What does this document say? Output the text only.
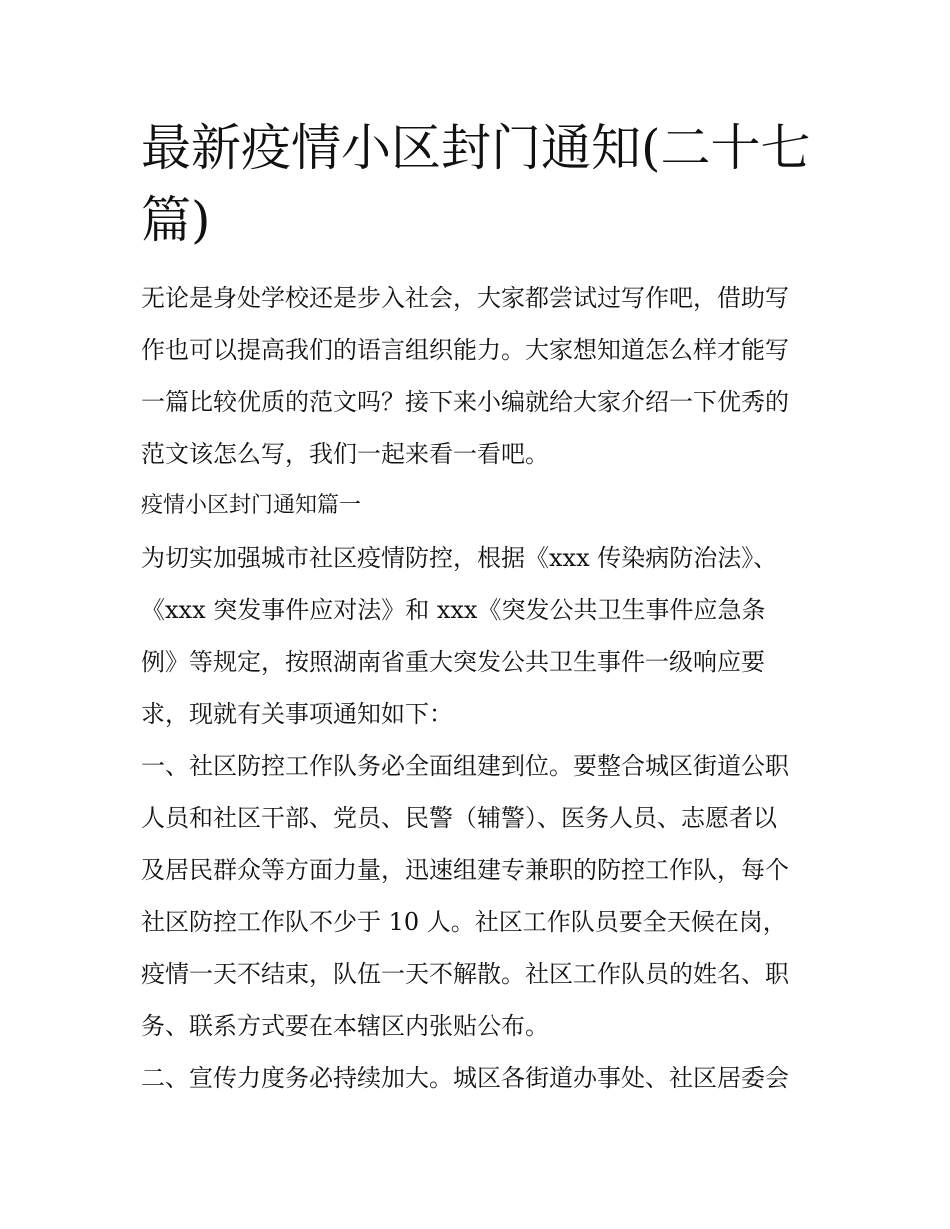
最新疫情小区封门通知(二十七
篇)
无论是身处学校还是步入社会，大家都尝试过写作吧，借助写
作也可以提高我们的语言组织能力。大家想知道怎么样才能写
一篇比较优质的范文吗？接下来小编就给大家介绍一下优秀的
范文该怎么写，我们一起来看一看吧。
疫情小区封门通知篇一
为切实加强城市社区疫情防控，根据《xxx 传染病防治法》、
《xxx 突发事件应对法》和 xxx《突发公共卫生事件应急条
例》等规定，按照湖南省重大突发公共卫生事件一级响应要
求，现就有关事项通知如下：
一、社区防控工作队务必全面组建到位。要整合城区街道公职
人员和社区干部、党员、民警（辅警）、医务人员、志愿者以
及居民群众等方面力量，迅速组建专兼职的防控工作队，每个
社区防控工作队不少于 10 人。社区工作队员要全天候在岗，
疫情一天不结束，队伍一天不解散。社区工作队员的姓名、职
务、联系方式要在本辖区内张贴公布。
二、宣传力度务必持续加大。城区各街道办事处、社区居委会
